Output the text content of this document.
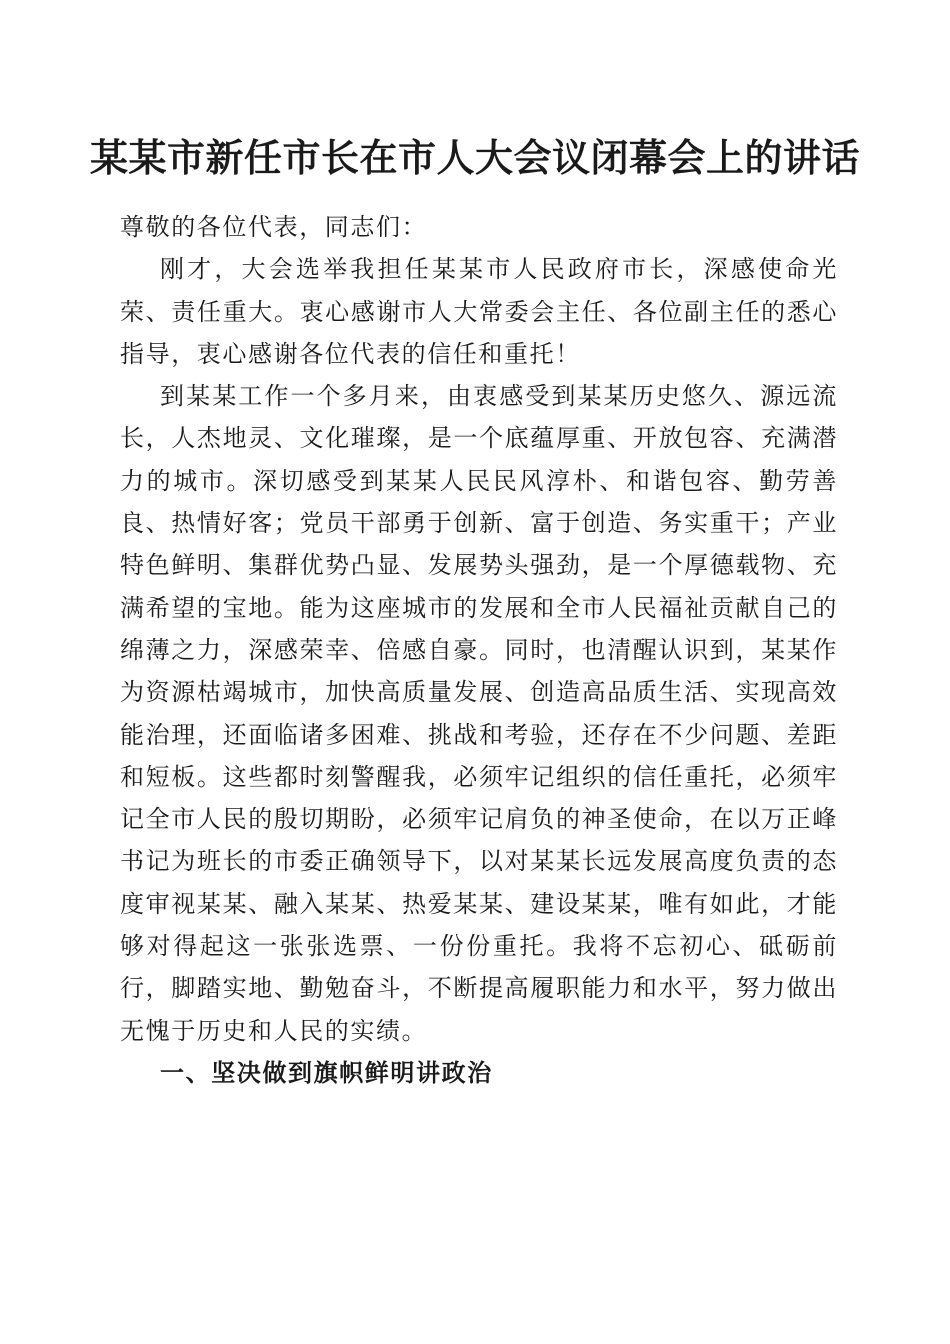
某某市新任市长在市人大会议闭幕会上的讲话

尊敬的各位代表，同志们：

刚才，大会选举我担任某某市人民政府市长，深感使命光荣、责任重大。衷心感谢市人大常委会主任、各位副主任的悉心指导，衷心感谢各位代表的信任和重托！

到某某工作一个多月来，由衷感受到某某历史悠久、源远流长，人杰地灵、文化璀璨，是一个底蕴厚重、开放包容、充满潜力的城市。深切感受到某某人民民风淳朴、和谐包容、勤劳善良、热情好客；党员干部勇于创新、富于创造、务实重干；产业特色鲜明、集群优势凸显、发展势头强劲，是一个厚德载物、充满希望的宝地。能为这座城市的发展和全市人民福祉贡献自己的绵薄之力，深感荣幸、倍感自豪。同时，也清醒认识到，某某作为资源枯竭城市，加快高质量发展、创造高品质生活、实现高效能治理，还面临诸多困难、挑战和考验，还存在不少问题、差距和短板。这些都时刻警醒我，必须牢记组织的信任重托，必须牢记全市人民的殷切期盼，必须牢记肩负的神圣使命，在以万正峰书记为班长的市委正确领导下，以对某某长远发展高度负责的态度审视某某、融入某某、热爱某某、建设某某，唯有如此，才能够对得起这一张张选票、一份份重托。我将不忘初心、砥砺前行，脚踏实地、勤勉奋斗，不断提高履职能力和水平，努力做出无愧于历史和人民的实绩。

一、坚决做到旗帜鲜明讲政治
